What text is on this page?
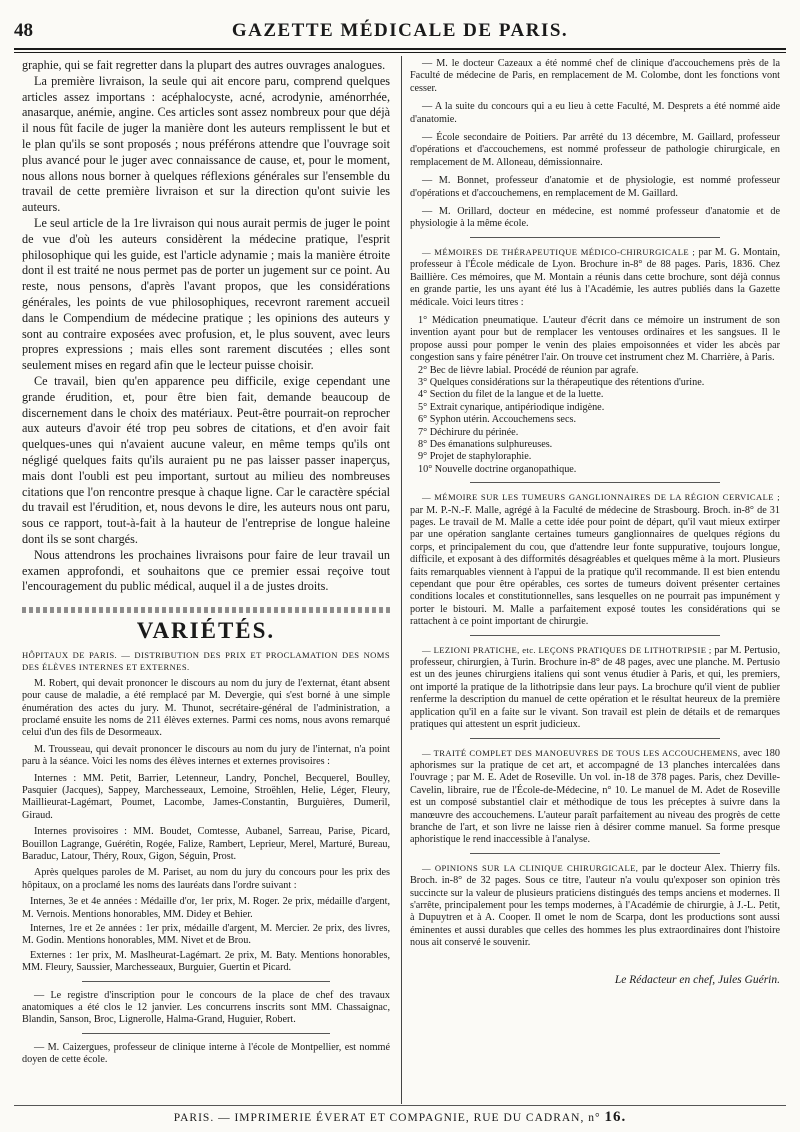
48	GAZETTE MÉDICALE DE PARIS.

graphie, qui se fait regretter dans la plupart des autres ouvrages analogues.

La première livraison, la seule qui ait encore paru, comprend quelques articles assez importans : acéphalocyste, acné, acrodynie, aménorrhée, anasarque, anémie, angine. Ces articles sont assez nombreux pour que déjà il nous fût facile de juger la manière dont les auteurs remplissent le but et le plan qu'ils se sont proposés ; nous préférons attendre que l'ouvrage soit plus avancé pour le juger avec connaissance de cause, et, pour le moment, nous allons nous borner à quelques réflexions générales sur l'ensemble du travail de cette première livraison et sur la direction qu'ont suivie les auteurs.

Le seul article de la 1re livraison qui nous aurait permis de juger le point de vue d'où les auteurs considèrent la médecine pratique, l'esprit philosophique qui les guide, est l'article adynamie ; mais la manière étroite dont il est traité ne nous permet pas de porter un jugement sur ce point. Au reste, nous pensons, d'après l'avant propos, que les considérations générales, les points de vue philosophiques, recevront rarement accueil dans le Compendium de médecine pratique ; les opinions des auteurs y sont au contraire exposées avec profusion, et, le plus souvent, avec leurs propres expressions ; mais elles sont rarement discutées ; elles sont seulement mises en regard afin que le lecteur puisse choisir.

Ce travail, bien qu'en apparence peu difficile, exige cependant une grande érudition, et, pour être bien fait, demande beaucoup de discernement dans le choix des matériaux. Peut-être pourrait-on reprocher aux auteurs d'avoir été trop peu sobres de citations, et d'en avoir fait quelques-unes qui n'avaient aucune valeur, en même temps qu'ils ont négligé quelques faits qu'ils auraient pu ne pas laisser passer inaperçus, mais dont l'oubli est peu important, surtout au milieu des nombreuses citations que l'on rencontre presque à chaque ligne. Car le caractère spécial du travail est l'érudition, et, nous devons le dire, les auteurs nous ont paru, sous ce rapport, tout-à-fait à la hauteur de l'entreprise de longue haleine dont ils se sont chargés.

Nous attendrons les prochaines livraisons pour faire de leur travail un examen approfondi, et souhaitons que ce premier essai reçoive tout l'encouragement du public médical, auquel il a de justes droits.

VARIÉTÉS.

HÔPITAUX DE PARIS. — DISTRIBUTION DES PRIX ET PROCLAMATION DES NOMS DES ÉLÈVES INTERNES ET EXTERNES.

M. Robert, qui devait prononcer le discours au nom du jury de l'externat, étant absent pour cause de maladie, a été remplacé par M. Devergie, qui s'est borné à une simple énumération des actes du jury. M. Thunot, secrétaire-général de l'administration, a proclamé ensuite les noms de 211 élèves externes. Parmi ces noms, nous avons remarqué celui d'un des fils de Desormeaux.

M. Trousseau, qui devait prononcer le discours au nom du jury de l'internat, n'a point paru à la séance. Voici les noms des élèves internes et externes provisoires :

Internes : MM. Petit, Barrier, Letenneur, Landry, Ponchel, Becquerel, Boulley, Pasquier (Jacques), Sappey, Marchesseaux, Lemoine, Stroëhlen, Helie, Léger, Fleury, Maillieurat-Lagémart, Poumet, Lacombe, James-Constantin, Burguières, Dumeril, Giraud.

Internes provisoires : MM. Boudet, Comtesse, Aubanel, Sarreau, Parise, Picard, Bouillon Lagrange, Guérétin, Rogée, Falize, Rambert, Leprieur, Merel, Marturé, Bureau, Baraduc, Latour, Théry, Roux, Gigon, Séguin, Prost.

Après quelques paroles de M. Pariset, au nom du jury du concours pour les prix des hôpitaux, on a proclamé les noms des lauréats dans l'ordre suivant :

Internes, 3e et 4e années : Médaille d'or, 1er prix, M. Roger. 2e prix, médaille d'argent, M. Vernois. Mentions honorables, MM. Didey et Behier.

Internes, 1re et 2e années : 1er prix, médaille d'argent, M. Mercier. 2e prix, des livres, M. Godin. Mentions honorables, MM. Nivet et de Brou.

Externes : 1er prix, M. Maslheurat-Lagémart. 2e prix, M. Baty. Mentions honorables, MM. Fleury, Saussier, Marchesseaux, Burguier, Guertin et Picard.

— Le registre d'inscription pour le concours de la place de chef des travaux anatomiques a été clos le 12 janvier. Les concurrens inscrits sont MM. Chassaignac, Blandin, Sanson, Broc, Lignerolle, Halma-Grand, Huguier, Robert.

— M. Caizergues, professeur de clinique interne à l'école de Montpellier, est nommé doyen de cette école.

— M. le docteur Cazeaux a été nommé chef de clinique d'accouchemens près de la Faculté de médecine de Paris, en remplacement de M. Colombe, dont les fonctions vont cesser.

— A la suite du concours qui a eu lieu à cette Faculté, M. Desprets a été nommé aide d'anatomie.

— École secondaire de Poitiers. Par arrêté du 13 décembre, M. Gaillard, professeur d'opérations et d'accouchemens, est nommé professeur de pathologie chirurgicale, en remplacement de M. Alloneau, démissionnaire.

— M. Bonnet, professeur d'anatomie et de physiologie, est nommé professeur d'opérations et d'accouchemens, en remplacement de M. Gaillard.

— M. Orillard, docteur en médecine, est nommé professeur d'anatomie et de physiologie à la même école.

— MÉMOIRES DE THÉRAPEUTIQUE MÉDICO-CHIRURGICALE ; par M. G. Montain, professeur à l'École médicale de Lyon. Brochure in-8° de 88 pages. Paris, 1836. Chez Baillière. Ces mémoires, que M. Montain a réunis dans cette brochure, sont déjà connus en grande partie, les uns ayant été lus à l'Académie, les autres publiés dans la Gazette médicale. Voici leurs titres :

1° Médication pneumatique. L'auteur d'écrit dans ce mémoire un instrument de son invention ayant pour but de remplacer les ventouses ordinaires et les sangsues. Il le propose aussi pour pomper le venin des plaies empoisonnées et vider les abcès par congestion sans y faire pénétrer l'air. On trouve cet instrument chez M. Charrière, à Paris.

2° Bec de lièvre labial. Procédé de réunion par agrafe.

3° Quelques considérations sur la thérapeutique des rétentions d'urine.

4° Section du filet de la langue et de la luette.

5° Extrait cynarique, antipériodique indigène.

6° Syphon utérin. Accouchemens secs.

7° Déchirure du périnée.

8° Des émanations sulphureuses.

9° Projet de staphyloraphie.

10° Nouvelle doctrine organopathique.

— MÉMOIRE SUR LES TUMEURS GANGLIONNAIRES DE LA RÉGION CERVICALE ; par M. P.-N.-F. Malle, agrégé à la Faculté de médecine de Strasbourg. Broch. in-8° de 31 pages. Le travail de M. Malle a cette idée pour point de départ, qu'il vaut mieux extirper par une opération sanglante certaines tumeurs ganglionnaires de quelques régions du corps, et principalement du cou, que d'attendre leur fonte suppurative, toujours longue, difficile, et exposant à des difformités désagréables et quelques même à la mort. Plusieurs faits remarquables viennent à l'appui de la pratique qu'il recommande. Il est bien entendu cependant que pour être opérables, ces sortes de tumeurs doivent présenter certaines conditions locales et constitutionnelles, sans lesquelles on ne pourrait pas impunément y porter le bistouri. M. Malle a parfaitement exposé toutes les considérations qui se rattachent à ce point important de chirurgie.

— LEZIONI PRATICHE, etc. LEÇONS PRATIQUES DE LITHOTRIPSIE ; par M. Pertusio, professeur, chirurgien, à Turin. Brochure in-8° de 48 pages, avec une planche. M. Pertusio est un des jeunes chirurgiens italiens qui sont venus étudier à Paris, et qui, les premiers, ont importé la pratique de la lithotripsie dans leur pays. La brochure qu'il vient de publier renferme la description du manuel de cette opération et le résultat heureux de la première application qu'il en a faite sur le vivant. Son travail est plein de détails et de remarques pratiques qui attestent un esprit judicieux.

— TRAITÉ COMPLET DES MANOEUVRES DE TOUS LES ACCOUCHEMENS, avec 180 aphorismes sur la pratique de cet art, et accompagné de 13 planches intercalées dans l'ouvrage ; par M. E. Adet de Roseville. Un vol. in-18 de 378 pages. Paris, chez Deville-Cavelin, libraire, rue de l'École-de-Médecine, n° 10. Le manuel de M. Adet de Roseville est un composé substantiel clair et méthodique de tous les préceptes à suivre dans la manœuvre des accouchemens. L'auteur paraît parfaitement au niveau des progrès de cette branche de l'art, et son livre ne laisse rien à désirer comme manuel. Sa forme presque aphoristique le rend inaccessible à l'analyse.

— OPINIONS SUR LA CLINIQUE CHIRURGICALE, par le docteur Alex. Thierry fils. Broch. in-8° de 32 pages. Sous ce titre, l'auteur n'a voulu qu'exposer son opinion très succincte sur la valeur de plusieurs praticiens distingués des temps anciens et modernes. Il s'arrête, principalement pour les temps modernes, à l'Académie de chirurgie, à J.-L. Petit, à Dupuytren et à A. Cooper. Il omet le nom de Scarpa, dont les productions sont aussi éminentes et aussi durables que celles des hommes les plus extraordinaires dont l'histoire nous ait conservé le souvenir.

Le Rédacteur en chef, Jules Guérin.
PARIS. — IMPRIMERIE ÉVERAT ET COMPAGNIE, RUE DU CADRAN, n° 16.
